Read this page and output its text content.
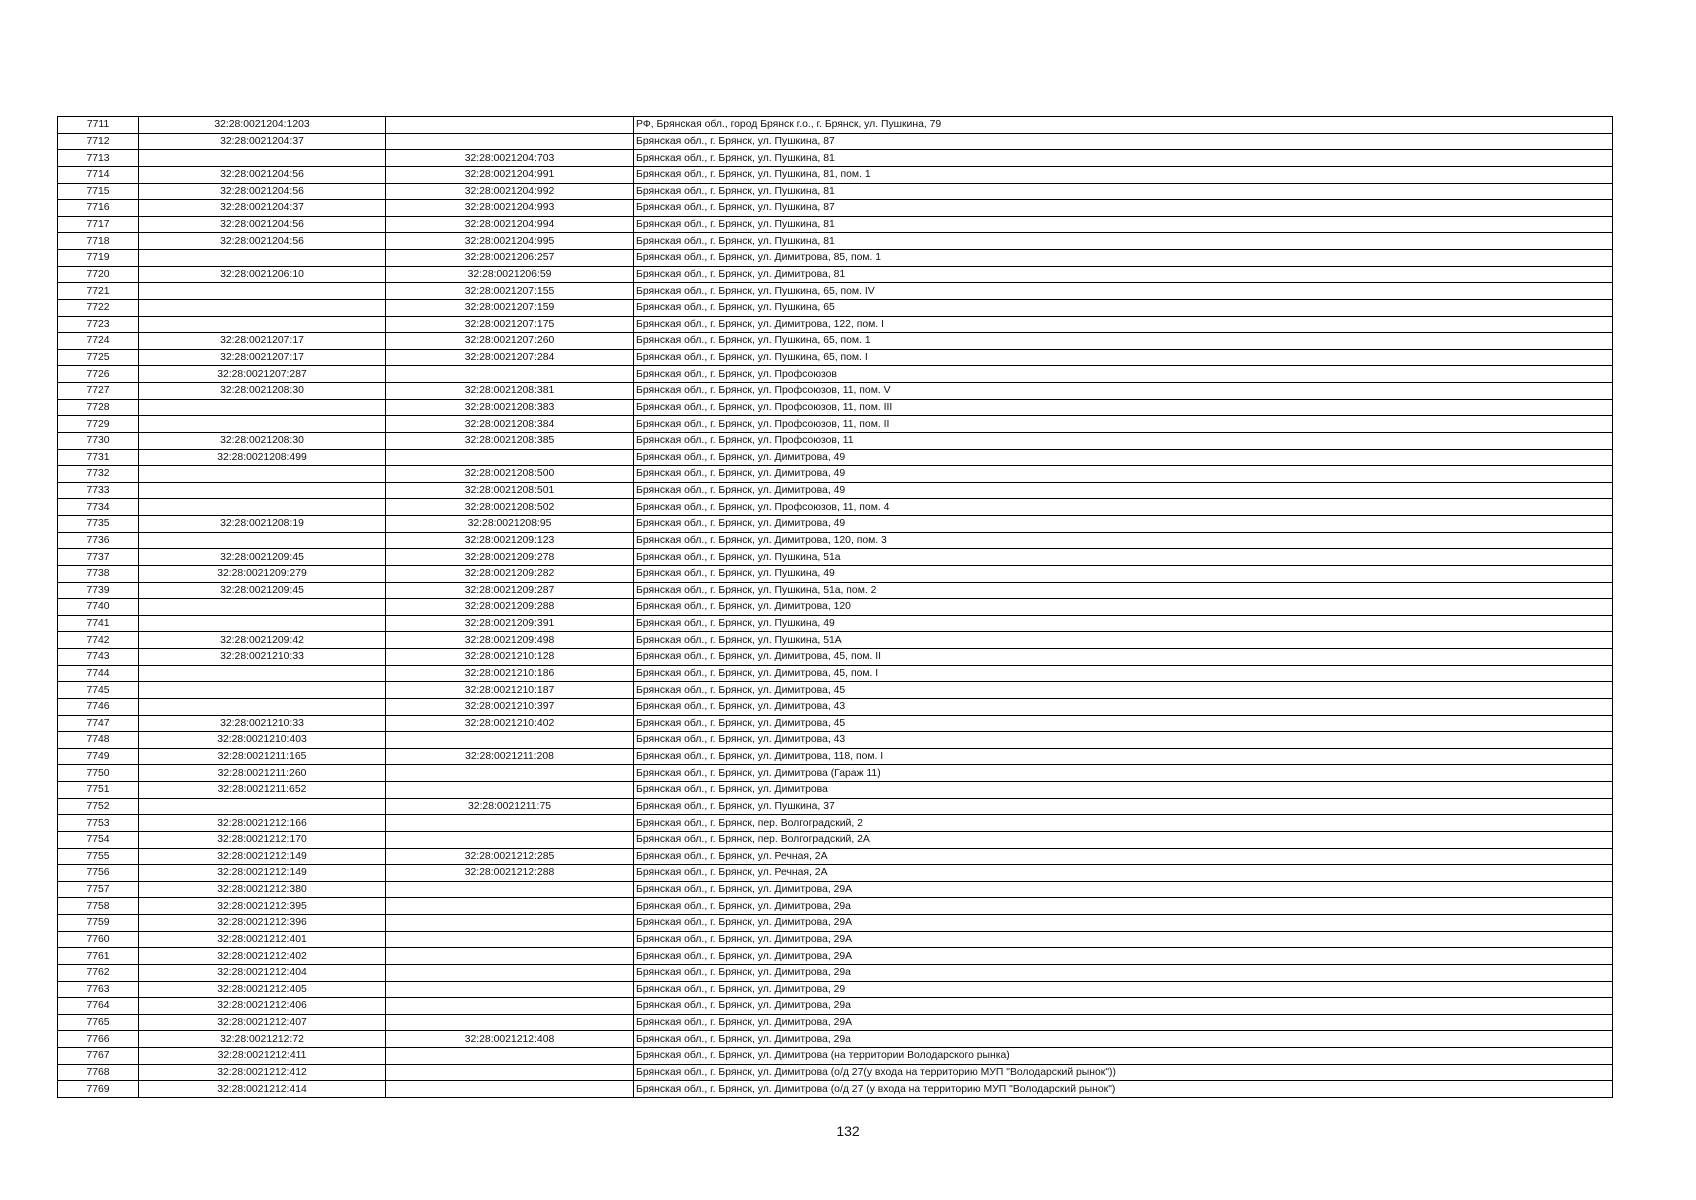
7711	32:28:0021204:1203		РФ, Брянская обл., город Брянск г.о., г. Брянск, ул. Пушкина, 79
7712	32:28:0021204:37		Брянская обл., г. Брянск, ул. Пушкина, 87
7713		32:28:0021204:703	Брянская обл., г. Брянск, ул. Пушкина, 81
7714	32:28:0021204:56	32:28:0021204:991	Брянская обл., г. Брянск, ул. Пушкина, 81, пом. 1
7715	32:28:0021204:56	32:28:0021204:992	Брянская обл., г. Брянск, ул. Пушкина, 81
7716	32:28:0021204:37	32:28:0021204:993	Брянская обл., г. Брянск, ул. Пушкина, 87
7717	32:28:0021204:56	32:28:0021204:994	Брянская обл., г. Брянск, ул. Пушкина, 81
7718	32:28:0021204:56	32:28:0021204:995	Брянская обл., г. Брянск, ул. Пушкина, 81
7719		32:28:0021206:257	Брянская обл., г. Брянск, ул. Димитрова, 85, пом. 1
7720	32:28:0021206:10	32:28:0021206:59	Брянская обл., г. Брянск, ул. Димитрова, 81
7721		32:28:0021207:155	Брянская обл., г. Брянск, ул. Пушкина, 65, пом. IV
7722		32:28:0021207:159	Брянская обл., г. Брянск, ул. Пушкина, 65
7723		32:28:0021207:175	Брянская обл., г. Брянск, ул. Димитрова, 122, пом. I
7724	32:28:0021207:17	32:28:0021207:260	Брянская обл., г. Брянск, ул. Пушкина, 65, пом. 1
7725	32:28:0021207:17	32:28:0021207:284	Брянская обл., г. Брянск, ул. Пушкина, 65, пом. I
7726	32:28:0021207:287		Брянская обл., г. Брянск, ул. Профсоюзов
7727	32:28:0021208:30	32:28:0021208:381	Брянская обл., г. Брянск, ул. Профсоюзов, 11, пом. V
7728		32:28:0021208:383	Брянская обл., г. Брянск, ул. Профсоюзов, 11, пом. III
7729		32:28:0021208:384	Брянская обл., г. Брянск, ул. Профсоюзов, 11, пом. II
7730	32:28:0021208:30	32:28:0021208:385	Брянская обл., г. Брянск, ул. Профсоюзов, 11
7731	32:28:0021208:499		Брянская обл., г. Брянск, ул. Димитрова, 49
7732		32:28:0021208:500	Брянская обл., г. Брянск, ул. Димитрова, 49
7733		32:28:0021208:501	Брянская обл., г. Брянск, ул. Димитрова, 49
7734		32:28:0021208:502	Брянская обл., г. Брянск, ул. Профсоюзов, 11, пом. 4
7735	32:28:0021208:19	32:28:0021208:95	Брянская обл., г. Брянск, ул. Димитрова, 49
7736		32:28:0021209:123	Брянская обл., г. Брянск, ул. Димитрова, 120, пом. 3
7737	32:28:0021209:45	32:28:0021209:278	Брянская обл., г. Брянск, ул. Пушкина, 51а
7738	32:28:0021209:279	32:28:0021209:282	Брянская обл., г. Брянск, ул. Пушкина, 49
7739	32:28:0021209:45	32:28:0021209:287	Брянская обл., г. Брянск, ул. Пушкина, 51а, пом. 2
7740		32:28:0021209:288	Брянская обл., г. Брянск, ул. Димитрова, 120
7741		32:28:0021209:391	Брянская обл., г. Брянск, ул. Пушкина, 49
7742	32:28:0021209:42	32:28:0021209:498	Брянская обл., г. Брянск, ул. Пушкина, 51А
7743	32:28:0021210:33	32:28:0021210:128	Брянская обл., г. Брянск, ул. Димитрова, 45, пом. II
7744		32:28:0021210:186	Брянская обл., г. Брянск, ул. Димитрова, 45, пом. I
7745		32:28:0021210:187	Брянская обл., г. Брянск, ул. Димитрова, 45
7746		32:28:0021210:397	Брянская обл., г. Брянск, ул. Димитрова, 43
7747	32:28:0021210:33	32:28:0021210:402	Брянская обл., г. Брянск, ул. Димитрова, 45
7748	32:28:0021210:403		Брянская обл., г. Брянск, ул. Димитрова, 43
7749	32:28:0021211:165	32:28:0021211:208	Брянская обл., г. Брянск, ул. Димитрова, 118, пом. I
7750	32:28:0021211:260		Брянская обл., г. Брянск, ул. Димитрова (Гараж 11)
7751	32:28:0021211:652		Брянская обл., г. Брянск, ул. Димитрова
7752		32:28:0021211:75	Брянская обл., г. Брянск, ул. Пушкина, 37
7753	32:28:0021212:166		Брянская обл., г. Брянск, пер. Волгоградский, 2
7754	32:28:0021212:170		Брянская обл., г. Брянск, пер. Волгоградский, 2А
7755	32:28:0021212:149	32:28:0021212:285	Брянская обл., г. Брянск, ул. Речная, 2А
7756	32:28:0021212:149	32:28:0021212:288	Брянская обл., г. Брянск, ул. Речная, 2А
7757	32:28:0021212:380		Брянская обл., г. Брянск, ул. Димитрова, 29А
7758	32:28:0021212:395		Брянская обл., г. Брянск, ул. Димитрова, 29а
7759	32:28:0021212:396		Брянская обл., г. Брянск, ул. Димитрова, 29А
7760	32:28:0021212:401		Брянская обл., г. Брянск, ул. Димитрова, 29А
7761	32:28:0021212:402		Брянская обл., г. Брянск, ул. Димитрова, 29А
7762	32:28:0021212:404		Брянская обл., г. Брянск, ул. Димитрова, 29а
7763	32:28:0021212:405		Брянская обл., г. Брянск, ул. Димитрова, 29
7764	32:28:0021212:406		Брянская обл., г. Брянск, ул. Димитрова, 29а
7765	32:28:0021212:407		Брянская обл., г. Брянск, ул. Димитрова, 29А
7766	32:28:0021212:72	32:28:0021212:408	Брянская обл., г. Брянск, ул. Димитрова, 29а
7767	32:28:0021212:411		Брянская обл., г. Брянск, ул. Димитрова (на территории Володарского рынка)
7768	32:28:0021212:412		Брянская обл., г. Брянск, ул. Димитрова (о/д 27(у входа на территорию МУП "Володарский рынок"))
7769	32:28:0021212:414		Брянская обл., г. Брянск, ул. Димитрова (о/д 27 (у входа на территорию МУП "Володарский рынок")
132
